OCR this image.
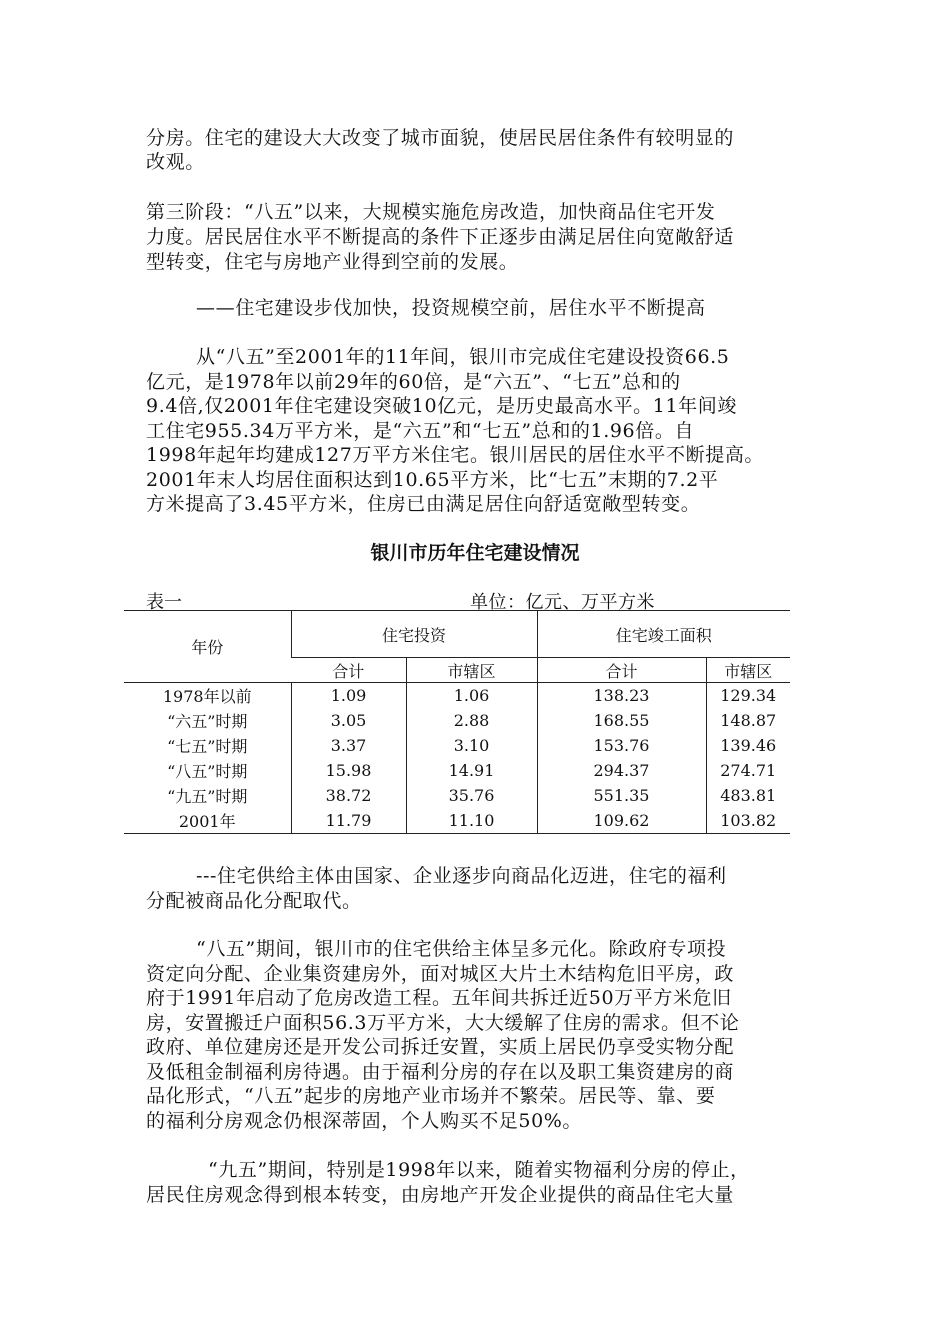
分房。住宅的建设大大改变了城市面貌，使居民居住条件有较明显的
改观。
第三阶段：“八五”以来，大规模实施危房改造，加快商品住宅开发
力度。居民居住水平不断提高的条件下正逐步由满足居住向宽敞舒适
型转变，住宅与房地产业得到空前的发展。
——住宅建设步伐加快，投资规模空前，居住水平不断提高
从“八五”至2001年的11年间，银川市完成住宅建设投资66.5
亿元，是1978年以前29年的60倍，是“六五”、“七五”总和的
9.4倍,仅2001年住宅建设突破10亿元，是历史最高水平。11年间竣
工住宅955.34万平方米，是“六五”和“七五”总和的1.96倍。自
1998年起年均建成127万平方米住宅。银川居民的居住水平不断提高。
2001年末人均居住面积达到10.65平方米，比“七五”末期的7.2平
方米提高了3.45平方米，住房已由满足居住向舒适宽敞型转变。
银川市历年住宅建设情况
表一	单位：亿元、万平方米
年份	住宅投资		住宅竣工面积	
	合计	市辖区	合计	市辖区
1978年以前	1.09	1.06	138.23	129.34
“六五”时期	3.05	2.88	168.55	148.87
“七五”时期	3.37	3.10	153.76	139.46
“八五”时期	15.98	14.91	294.37	274.71
“九五”时期	38.72	35.76	551.35	483.81
2001年	11.79	11.10	109.62	103.82
---住宅供给主体由国家、企业逐步向商品化迈进，住宅的福利
分配被商品化分配取代。
“八五”期间，银川市的住宅供给主体呈多元化。除政府专项投
资定向分配、企业集资建房外，面对城区大片土木结构危旧平房，政
府于1991年启动了危房改造工程。五年间共拆迁近50万平方米危旧
房，安置搬迁户面积56.3万平方米，大大缓解了住房的需求。但不论
政府、单位建房还是开发公司拆迁安置，实质上居民仍享受实物分配
及低租金制福利房待遇。由于福利分房的存在以及职工集资建房的商
品化形式，“八五”起步的房地产业市场并不繁荣。居民等、靠、要
的福利分房观念仍根深蒂固，个人购买不足50%。
“九五”期间，特别是1998年以来，随着实物福利分房的停止，
居民住房观念得到根本转变，由房地产开发企业提供的商品住宅大量
